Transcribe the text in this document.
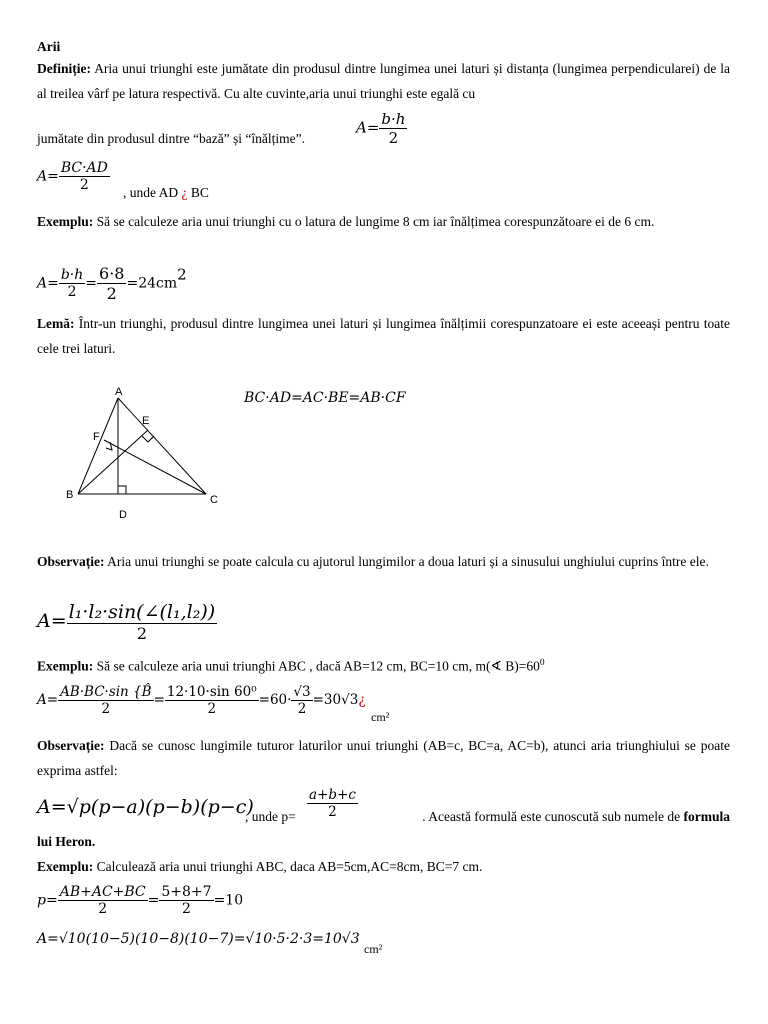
Arii

Definiție: Aria unui triunghi este jumătate din produsul dintre lungimea unei laturi și distanța (lungimea perpendicularei) de la al treilea vârf pe latura respectivă. Cu alte cuvinte,aria unui triunghi este egală cu

jumătate din produsul dintre “bază” și “înălțime”.
$A= \frac{b\cdot h}{2}$
$A= \frac{BC\cdot AD}{2}$ , unde AD ¿ BC

Exemplu: Să se calculeze aria unui triunghi cu o latura de lungime 8 cm iar înălțimea corespunzătoare ei de 6 cm.

$A= \frac{b\cdot h}{2} = \frac{6\cdot 8}{2} =24cm^2$

Lemă: Într-un triunghi, produsul dintre lungimea unei laturi și lungimea înălțimii corespunzatoare ei este aceeași pentru toate cele trei laturi.

A
B	C
D
E
F
BC·AD=AC·BE=AB·CF

Observație: Aria unui triunghi se poate calcula cu ajutorul lungimilor a doua laturi și a sinusului unghiului cuprins între ele.

$A= \frac{\text{l₁·l₂·sin(∠(l₁,l₂))}}{2}$
Exemplu: Să se calculeze aria unui triunghi ABC , dacă AB=12 cm, BC=10 cm, m(∢ $B)=60^0$
$A= \frac{AB\cdot BC\cdot\sin \{B̂}{2} = \frac{\text{12·10·sin 60⁰}}{2} =60\cdot \frac{√3}{2}$ =30√3¿
cm²

Observație: Dacă se cunosc lungimile tuturor laturilor unui triunghi (AB=c, BC=a, AC=b), atunci aria triunghiului se poate exprima astfel:

A=√p(p−a)(p−b)(p−c)
, unde $p= \frac{a+b+c}{2}$	. Această formulă este cunoscută sub numele de formula
lui Heron.
Exemplu: Calculează aria unui triunghi ABC, daca AB=5cm,AC=8cm, BC=7 cm.
$p= \frac{AB+AC+BC}{2} = \frac{5+8+7}{2} =10$
A=√10(10−5)(10−8)(10−7)=√10·5·2·3=10√3
cm²
